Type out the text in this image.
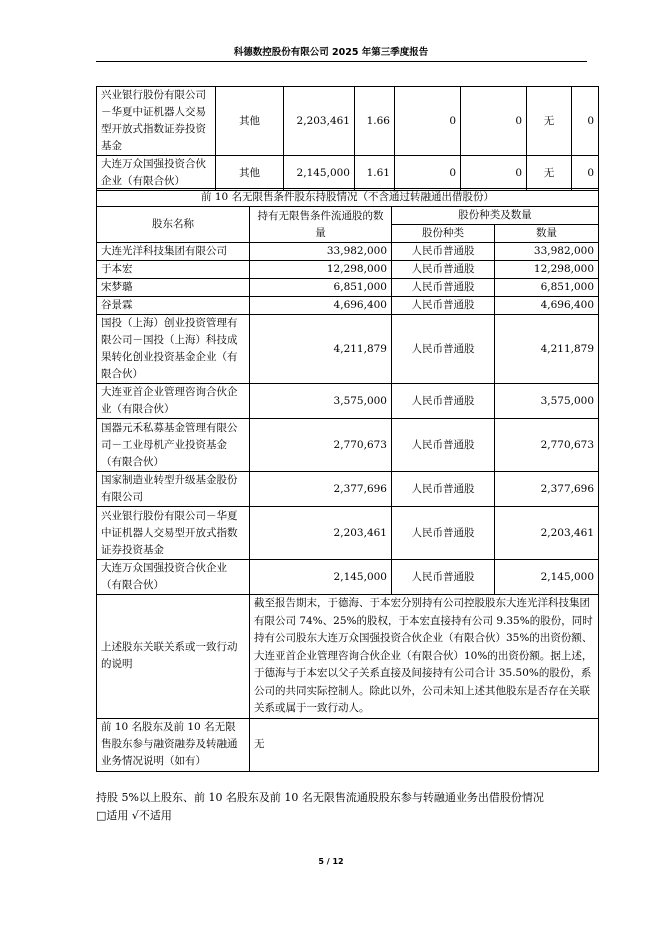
科德数控股份有限公司 2025 年第三季度报告
兴业银行股份有限公司－华夏中证机器人交易型开放式指数证券投资基金	其他	2,203,461	1.66	0	0	无	0
大连万众国强投资合伙企业（有限合伙）	其他	2,145,000	1.61	0	0	无	0
前 10 名无限售条件股东持股情况（不含通过转融通出借股份）			
股东名称	持有无限售条件流通股的数量	股份种类及数量	
		股份种类	数量
大连光洋科技集团有限公司	33,982,000	人民币普通股	33,982,000
于本宏	12,298,000	人民币普通股	12,298,000
宋梦璐	6,851,000	人民币普通股	6,851,000
谷景霖	4,696,400	人民币普通股	4,696,400
国投（上海）创业投资管理有限公司－国投（上海）科技成果转化创业投资基金企业（有限合伙）	4,211,879	人民币普通股	4,211,879
大连亚首企业管理咨询合伙企业（有限合伙）	3,575,000	人民币普通股	3,575,000
国器元禾私募基金管理有限公司－工业母机产业投资基金（有限合伙）	2,770,673	人民币普通股	2,770,673
国家制造业转型升级基金股份有限公司	2,377,696	人民币普通股	2,377,696
兴业银行股份有限公司－华夏中证机器人交易型开放式指数证券投资基金	2,203,461	人民币普通股	2,203,461
大连万众国强投资合伙企业（有限合伙）	2,145,000	人民币普通股	2,145,000
上述股东关联关系或一致行动的说明	截至报告期末，于德海、于本宏分别持有公司控股股东大连光洋科技集团有限公司 74%、25%的股权，于本宏直接持有公司 9.35%的股份，同时持有公司股东大连万众国强投资合伙企业（有限合伙）35%的出资份额、大连亚首企业管理咨询合伙企业（有限合伙）10%的出资份额。据上述，于德海与于本宏以父子关系直接及间接持有公司合计 35.50%的股份，系公司的共同实际控制人。除此以外，公司未知上述其他股东是否存在关联关系或属于一致行动人。		
前 10 名股东及前 10 名无限售股东参与融资融券及转融通业务情况说明（如有）	无		
持股 5%以上股东、前 10 名股东及前 10 名无限售流通股股东参与转融通业务出借股份情况
□适用 √不适用
5 / 12
